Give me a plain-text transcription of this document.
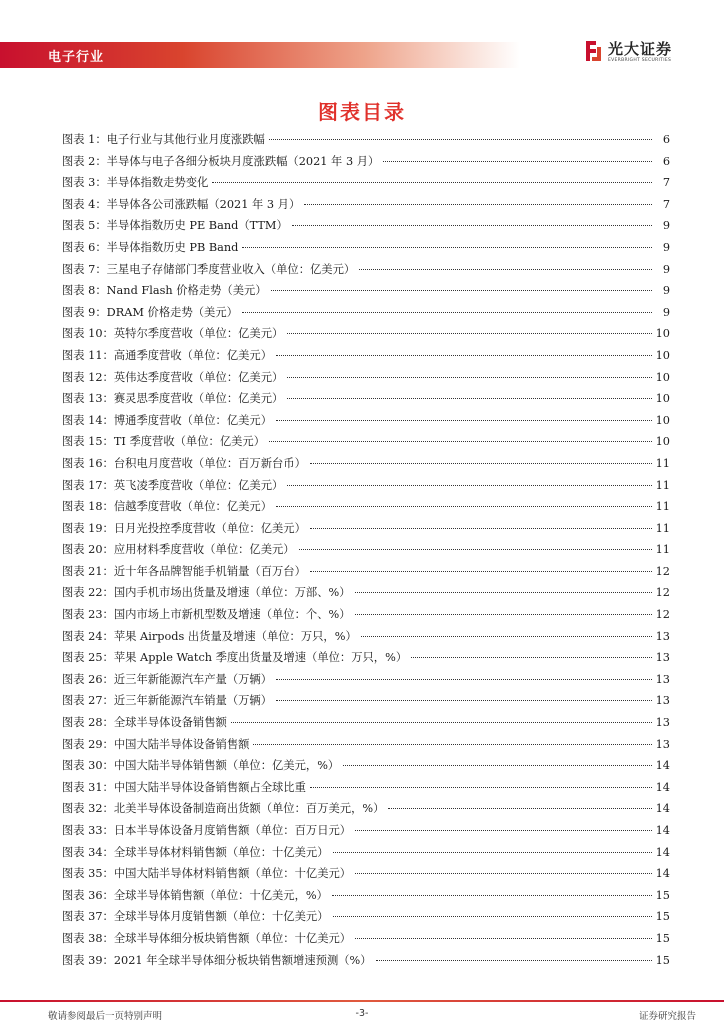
电子行业	光大证券
EVERBRIGHT SECURITIES
图表目录
图表 1：电子行业与其他行业月度涨跌幅	6
图表 2：半导体与电子各细分板块月度涨跌幅（2021 年 3 月）	6
图表 3：半导体指数走势变化	7
图表 4：半导体各公司涨跌幅（2021 年 3 月）	7
图表 5：半导体指数历史 PE Band（TTM）	9
图表 6：半导体指数历史 PB Band	9
图表 7：三星电子存储部门季度营业收入（单位：亿美元）	9
图表 8：Nand Flash 价格走势（美元）	9
图表 9：DRAM 价格走势（美元）	9
图表 10：英特尔季度营收（单位：亿美元）	10
图表 11：高通季度营收（单位：亿美元）	10
图表 12：英伟达季度营收（单位：亿美元）	10
图表 13：赛灵思季度营收（单位：亿美元）	10
图表 14：博通季度营收（单位：亿美元）	10
图表 15：TI 季度营收（单位：亿美元）	10
图表 16：台积电月度营收（单位：百万新台币）	11
图表 17：英飞凌季度营收（单位：亿美元）	11
图表 18：信越季度营收（单位：亿美元）	11
图表 19：日月光投控季度营收（单位：亿美元）	11
图表 20：应用材料季度营收（单位：亿美元）	11
图表 21：近十年各品牌智能手机销量（百万台）	12
图表 22：国内手机市场出货量及增速（单位：万部、%）	12
图表 23：国内市场上市新机型数及增速（单位：个、%）	12
图表 24：苹果 Airpods 出货量及增速（单位：万只，%）	13
图表 25：苹果 Apple Watch 季度出货量及增速（单位：万只，%）	13
图表 26：近三年新能源汽车产量（万辆）	13
图表 27：近三年新能源汽车销量（万辆）	13
图表 28：全球半导体设备销售额	13
图表 29：中国大陆半导体设备销售额	13
图表 30：中国大陆半导体销售额（单位：亿美元，%）	14
图表 31：中国大陆半导体设备销售额占全球比重	14
图表 32：北美半导体设备制造商出货额（单位：百万美元，%）	14
图表 33：日本半导体设备月度销售额（单位：百万日元）	14
图表 34：全球半导体材料销售额（单位：十亿美元）	14
图表 35：中国大陆半导体材料销售额（单位：十亿美元）	14
图表 36：全球半导体销售额（单位：十亿美元，%）	15
图表 37：全球半导体月度销售额（单位：十亿美元）	15
图表 38：全球半导体细分板块销售额（单位：十亿美元）	15
图表 39：2021 年全球半导体细分板块销售额增速预测（%）	15
敬请参阅最后一页特别声明	-3-	证券研究报告
